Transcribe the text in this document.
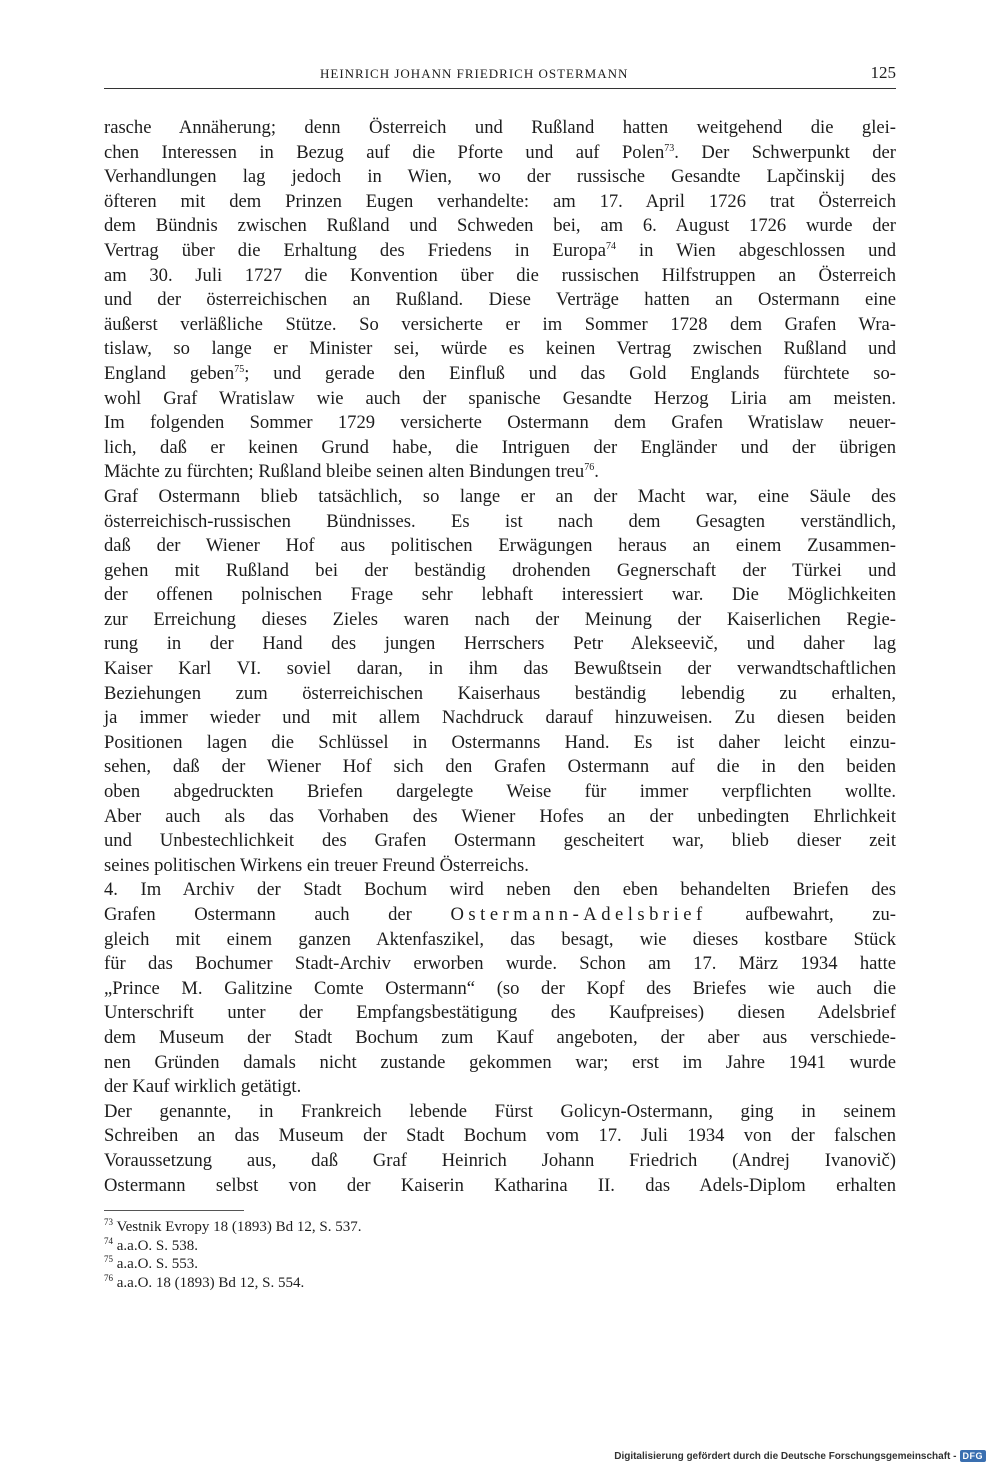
HEINRICH JOHANN FRIEDRICH OSTERMANN	125
rasche Annäherung; denn Österreich und Rußland hatten weitgehend die glei-
chen Interessen in Bezug auf die Pforte und auf Polen$^{73}$. Der Schwerpunkt der
Verhandlungen lag jedoch in Wien, wo der russische Gesandte Lapčinskij des
öfteren mit dem Prinzen Eugen verhandelte: am 17. April 1726 trat Österreich
dem Bündnis zwischen Rußland und Schweden bei, am 6. August 1726 wurde der
Vertrag über die Erhaltung des Friedens in Europa$^{74}$ in Wien abgeschlossen und
am 30. Juli 1727 die Konvention über die russischen Hilfstruppen an Österreich
und der österreichischen an Rußland. Diese Verträge hatten an Ostermann eine
äußerst verläßliche Stütze. So versicherte er im Sommer 1728 dem Grafen Wra-
tislaw, so lange er Minister sei, würde es keinen Vertrag zwischen Rußland und
England geben$^{75}$; und gerade den Einfluß und das Gold Englands fürchtete so-
wohl Graf Wratislaw wie auch der spanische Gesandte Herzog Liria am meisten.
Im folgenden Sommer 1729 versicherte Ostermann dem Grafen Wratislaw neuer-
lich, daß er keinen Grund habe, die Intriguen der Engländer und der übrigen
Mächte zu fürchten; Rußland bleibe seinen alten Bindungen treu$^{76}$.
Graf Ostermann blieb tatsächlich, so lange er an der Macht war, eine Säule des
österreichisch-russischen Bündnisses. Es ist nach dem Gesagten verständlich,
daß der Wiener Hof aus politischen Erwägungen heraus an einem Zusammen-
gehen mit Rußland bei der beständig drohenden Gegnerschaft der Türkei und
der offenen polnischen Frage sehr lebhaft interessiert war. Die Möglichkeiten
zur Erreichung dieses Zieles waren nach der Meinung der Kaiserlichen Regie-
rung in der Hand des jungen Herrschers Petr Alekseevič, und daher lag
Kaiser Karl VI. soviel daran, in ihm das Bewußtsein der verwandtschaftlichen
Beziehungen zum österreichischen Kaiserhaus beständig lebendig zu erhalten,
ja immer wieder und mit allem Nachdruck darauf hinzuweisen. Zu diesen beiden
Positionen lagen die Schlüssel in Ostermanns Hand. Es ist daher leicht einzu-
sehen, daß der Wiener Hof sich den Grafen Ostermann auf die in den beiden
oben abgedruckten Briefen dargelegte Weise für immer verpflichten wollte.
Aber auch als das Vorhaben des Wiener Hofes an der unbedingten Ehrlichkeit
und Unbestechlichkeit des Grafen Ostermann gescheitert war, blieb dieser zeit
seines politischen Wirkens ein treuer Freund Österreichs.
4. Im Archiv der Stadt Bochum wird neben den eben behandelten Briefen des
Grafen Ostermann auch der Ostermann-Adelsbrief aufbewahrt, zu-
gleich mit einem ganzen Aktenfaszikel, das besagt, wie dieses kostbare Stück
für das Bochumer Stadt-Archiv erworben wurde. Schon am 17. März 1934 hatte
„Prince M. Galitzine Comte Ostermann“ (so der Kopf des Briefes wie auch die
Unterschrift unter der Empfangsbestätigung des Kaufpreises) diesen Adelsbrief
dem Museum der Stadt Bochum zum Kauf angeboten, der aber aus verschiede-
nen Gründen damals nicht zustande gekommen war; erst im Jahre 1941 wurde
der Kauf wirklich getätigt.
Der genannte, in Frankreich lebende Fürst Golicyn-Ostermann, ging in seinem
Schreiben an das Museum der Stadt Bochum vom 17. Juli 1934 von der falschen
Voraussetzung aus, daß Graf Heinrich Johann Friedrich (Andrej Ivanovič)
Ostermann selbst von der Kaiserin Katharina II. das Adels-Diplom erhalten
$^{73}$ Vestnik Evropy 18 (1893) Bd 12, S. 537.
$^{74}$ a.a.O. S. 538.
$^{75}$ a.a.O. S. 553.
$^{76}$ a.a.O. 18 (1893) Bd 12, S. 554.
Digitalisierung gefördert durch die Deutsche Forschungsgemeinschaft - DFG
